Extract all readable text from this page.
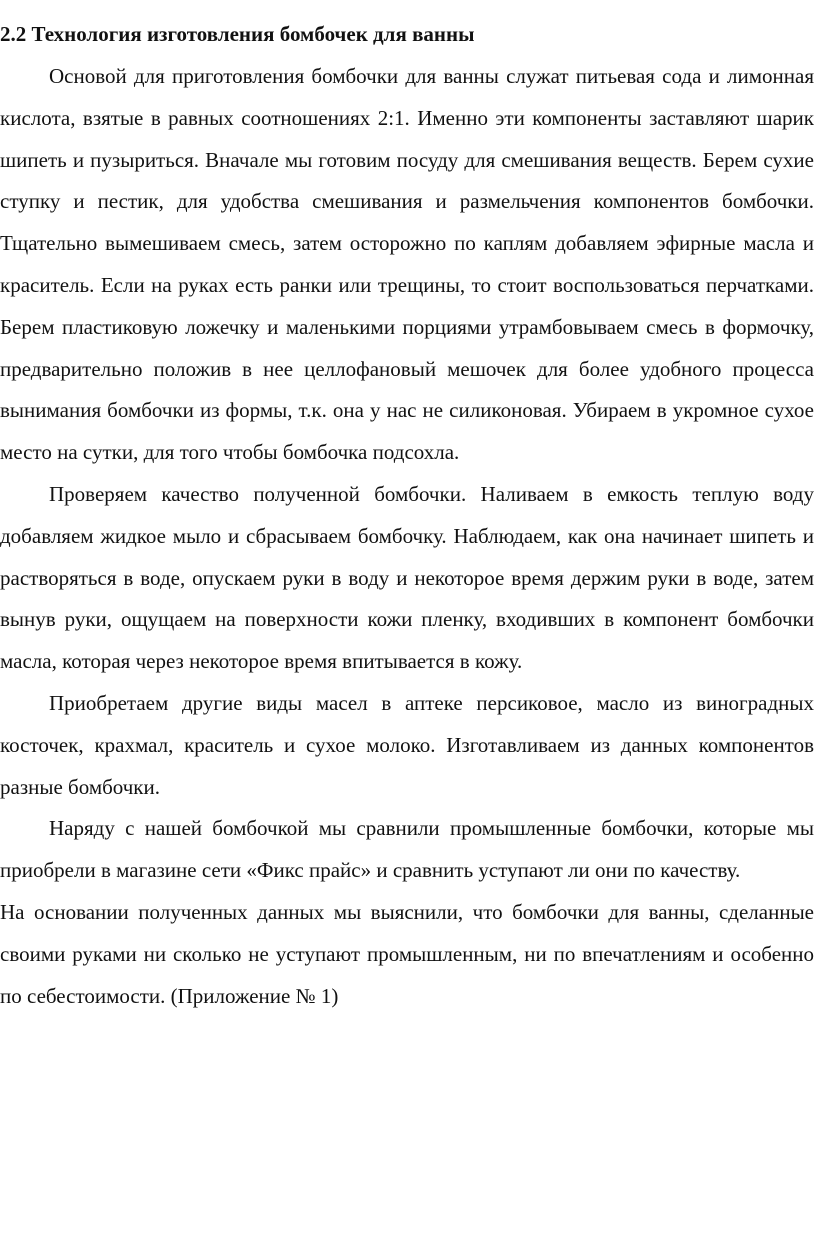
2.2 Технология изготовления бомбочек для ванны

Основой для приготовления бомбочки для ванны служат питьевая сода и лимонная кислота, взятые в равных соотношениях 2:1. Именно эти компоненты заставляют шарик шипеть и пузыриться. Вначале мы готовим посуду для смешивания веществ. Берем сухие ступку и пестик, для удобства смешивания и размельчения компонентов бомбочки. Тщательно вымешиваем смесь, затем осторожно по каплям добавляем эфирные масла и краситель. Если на руках есть ранки или трещины, то стоит воспользоваться перчатками. Берем пластиковую ложечку и маленькими порциями утрамбовываем смесь в формочку, предварительно положив в нее целлофановый мешочек для более удобного процесса вынимания бомбочки из формы, т.к. она у нас не силиконовая. Убираем в укромное сухое место на сутки, для того чтобы бомбочка подсохла.

Проверяем качество полученной бомбочки. Наливаем в емкость теплую воду добавляем жидкое мыло и сбрасываем бомбочку. Наблюдаем, как она начинает шипеть и растворяться в воде, опускаем руки в воду и некоторое время держим руки в воде, затем вынув руки, ощущаем на поверхности кожи пленку, входивших в компонент бомбочки масла, которая через некоторое время впитывается в кожу.

Приобретаем другие виды масел в аптеке персиковое, масло из виноградных косточек, крахмал, краситель и сухое молоко. Изготавливаем из данных компонентов разные бомбочки.

Наряду с нашей бомбочкой мы сравнили промышленные бомбочки, которые мы приобрели в магазине сети «Фикс прайс» и сравнить уступают ли они по качеству.

На основании полученных данных мы выяснили, что бомбочки для ванны, сделанные своими руками ни сколько не уступают промышленным, ни по впечатлениям и особенно по себестоимости. (Приложение № 1)
